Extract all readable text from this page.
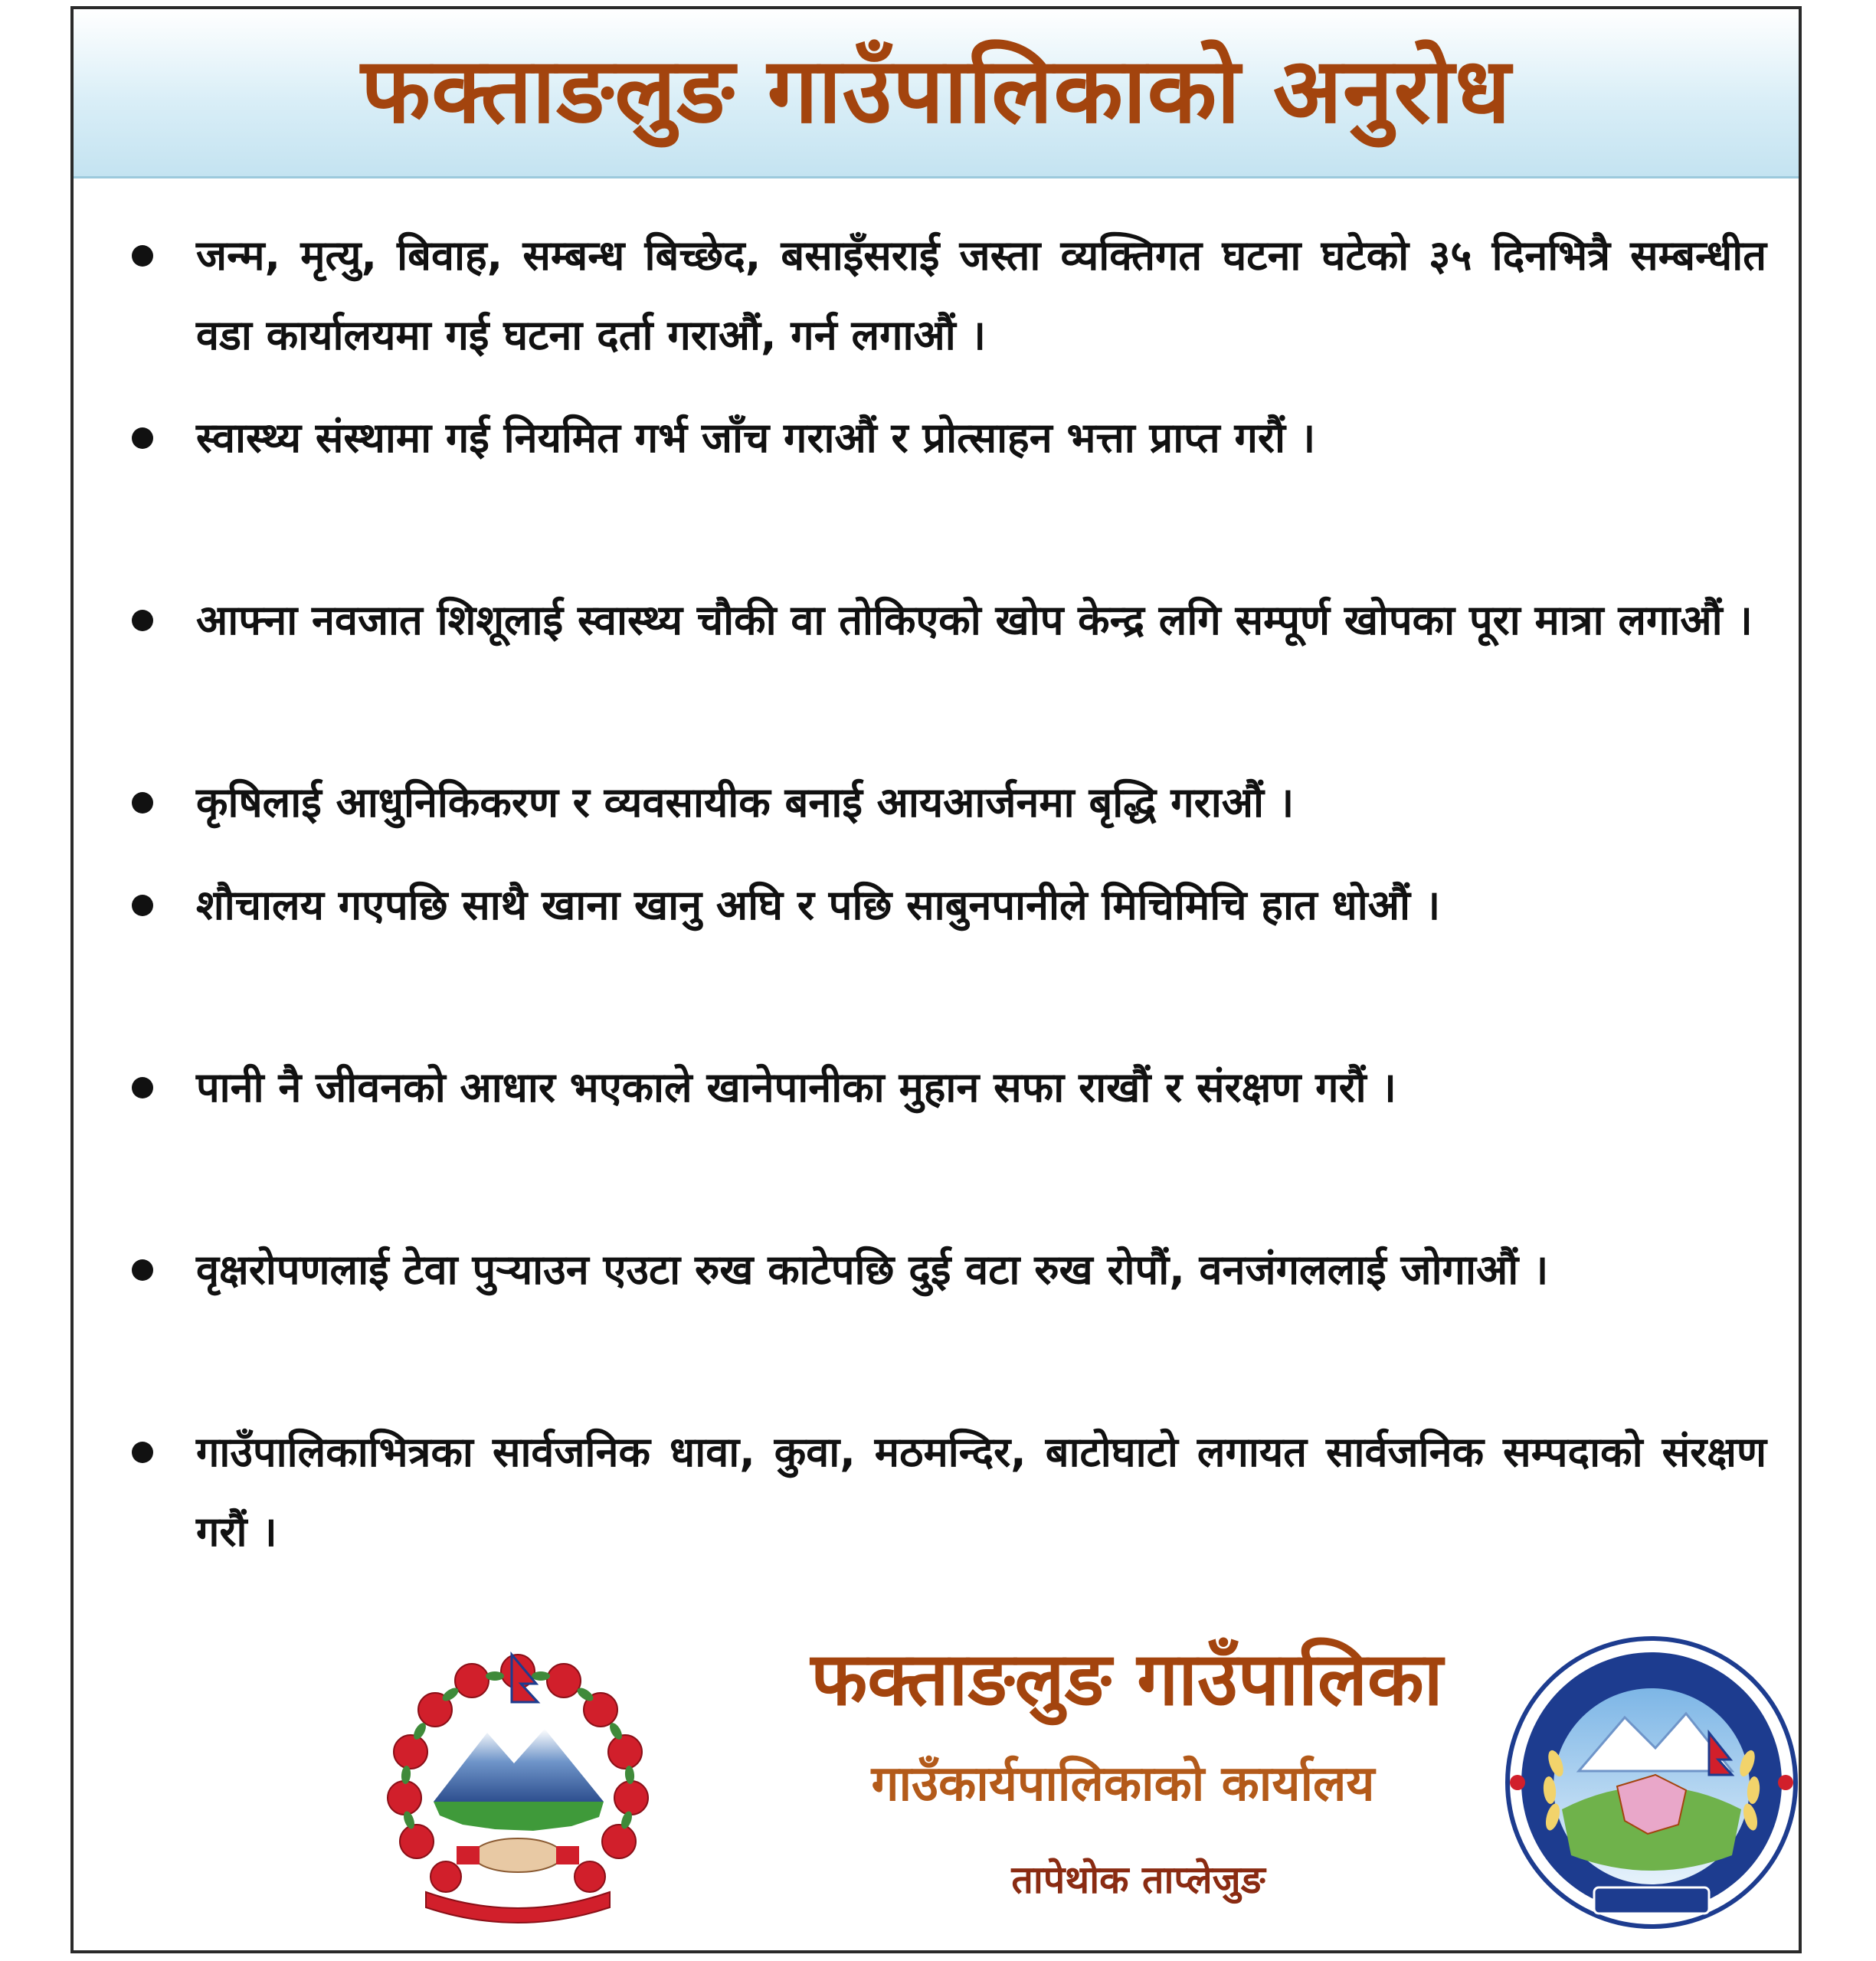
फक्ताङलुङ गाउँपालिकाको अनुरोध
जन्म, मृत्यु, बिवाह, सम्बन्ध बिच्छेद, बसाइँसराई जस्ता व्यक्तिगत घटना घटेको ३५ दिनभित्रै सम्बन्धीत वडा कार्यालयमा गई घटना दर्ता गराऔं, गर्न लगाऔं ।
स्वास्थ्य संस्थामा गई नियमित गर्भ जाँच गराऔं र प्रोत्साहन भत्ता प्राप्त गरौं ।
आफ्ना नवजात शिशूलाई स्वास्थ्य चौकी वा तोकिएको खोप केन्द्र लगि सम्पूर्ण खोपका पूरा मात्रा लगाऔं ।
कृषिलाई आधुनिकिकरण र व्यवसायीक बनाई आयआर्जनमा बृद्धि गराऔं ।
शौचालय गएपछि साथै खाना खानु अघि र पछि साबुनपानीले मिचिमिचि हात धोऔं ।
पानी नै जीवनको आधार भएकाले खानेपानीका मुहान सफा राखौं र संरक्षण गरौं ।
वृक्षरोपणलाई टेवा पुऱ्याउन एउटा रुख काटेपछि दुई वटा रुख रोपौं, वनजंगललाई जोगाऔं ।
गाउँपालिकाभित्रका सार्वजनिक धावा, कुवा, मठमन्दिर, बाटोघाटो लगायत सार्वजनिक सम्पदाको संरक्षण गरौं ।
फक्ताङलुङ गाउँपालिका
गाउँकार्यपालिकाको कार्यालय
तापेथोक ताप्लेजुङ
